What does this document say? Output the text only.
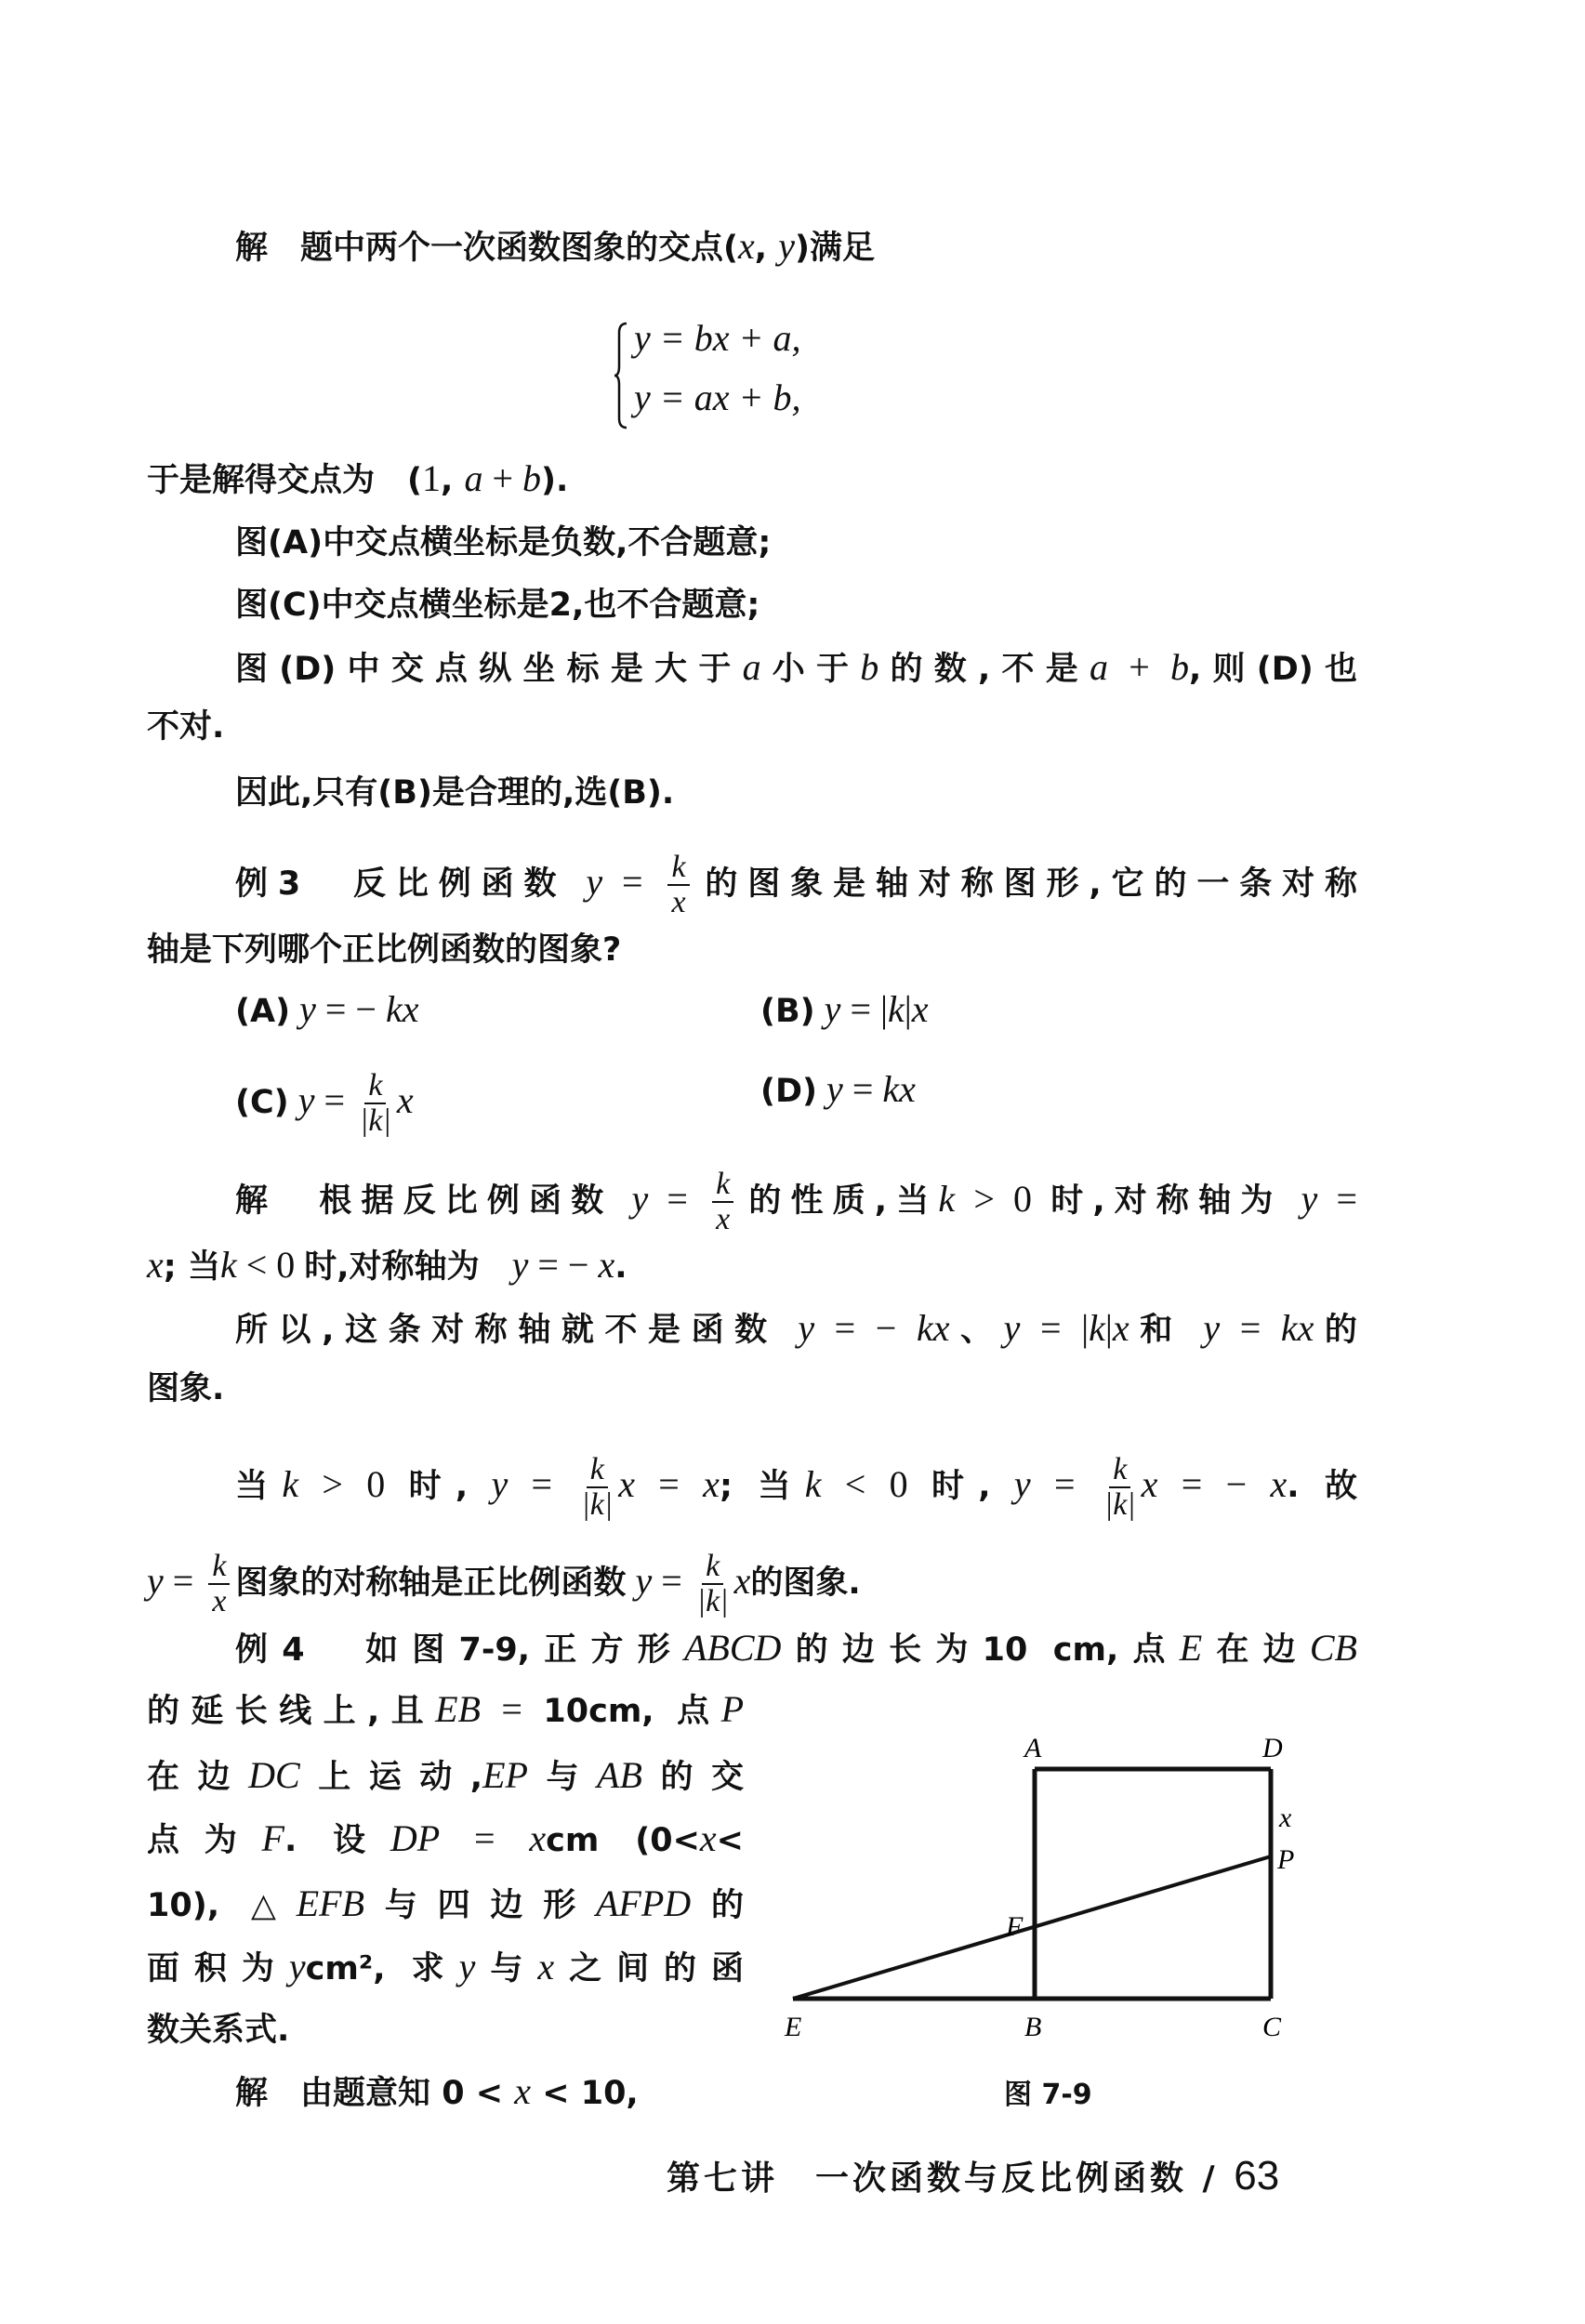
解　题中两个一次函数图象的交点(x, y)满足
于是解得交点为　(1, a + b).
图(A)中交点横坐标是负数,不合题意;
图(C)中交点横坐标是2,也不合题意;
图(D)中交点纵坐标是大于a小于b的数,不是a + b,则(D)也
不对.
因此,只有(B)是合理的,选(B).
例3　反比例函数 $y = \frac{k}{x}$ 的图象是轴对称图形,它的一条对称
轴是下列哪个正比例函数的图象?
(A) y = − kx	(B) y = |k|x
(C) $y = \frac{k}{|k|}$ x	(D) y = kx
解　根据反比例函数 $y = \frac{k}{x}$ 的性质,当k > 0 时,对称轴为 y =
x; 当k < 0 时,对称轴为　y = − x.
所以,这条对称轴就不是函数 y = − kx、y = |k|x和 y = kx的
图象.
当k > 0 时, $y = \frac{k}{|k|}$ x = x; 当k < 0 时, $y = \frac{k}{|k|}$ x = − x. 故
$y = \frac{k}{x}$ 图象的对称轴是正比例函数 $y = \frac{k}{|k|}$ x的图象.
例4　如图7-9,正方形ABCD的边长为10 cm,点E在边CB
的延长线上,且EB = 10cm, 点P
在边DC上运动,EP与AB的交
点为F. 设DP = xcm (0<x<
10), △EFB与四边形AFPD的
面积为ycm², 求y与x之间的函
数关系式.
解　由题意知 0 < x < 10,
y = bx + a,
y = ax + b,
A	D
x
P
F
E	B	C
图 7-9
第七讲　一次函数与反比例函数 / 63
